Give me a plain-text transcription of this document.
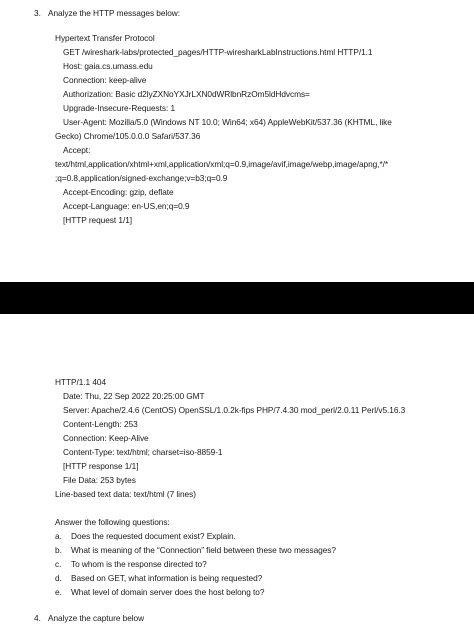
3. Analyze the HTTP messages below:
Hypertext Transfer Protocol
GET /wireshark-labs/protected_pages/HTTP-wiresharkLabInstructions.html HTTP/1.1
Host: gaia.cs.umass.edu
Connection: keep-alive
Authorization: Basic d2lyZXNoYXJrLXN0dWRlbnRzOm5ldHdvcms=
Upgrade-Insecure-Requests: 1
User-Agent: Mozilla/5.0 (Windows NT 10.0; Win64; x64) AppleWebKit/537.36 (KHTML, like
Gecko) Chrome/105.0.0.0 Safari/537.36
Accept:
text/html,application/xhtml+xml,application/xml;q=0.9,image/avif,image/webp,image/apng,*/*
;q=0.8,application/signed-exchange;v=b3;q=0.9
Accept-Encoding: gzip, deflate
Accept-Language: en-US,en;q=0.9
[HTTP request 1/1]
HTTP/1.1 404
Date: Thu, 22 Sep 2022 20:25:00 GMT
Server: Apache/2.4.6 (CentOS) OpenSSL/1.0.2k-fips PHP/7.4.30 mod_perl/2.0.11 Perl/v5.16.3
Content-Length: 253
Connection: Keep-Alive
Content-Type: text/html; charset=iso-8859-1
[HTTP response 1/1]
File Data: 253 bytes
Line-based text data: text/html (7 lines)
Answer the following questions:
a. Does the requested document exist? Explain.
b. What is meaning of the “Connection” field between these two messages?
c. To whom is the response directed to?
d. Based on GET, what information is being requested?
e. What level of domain server does the host belong to?
4. Analyze the capture below
